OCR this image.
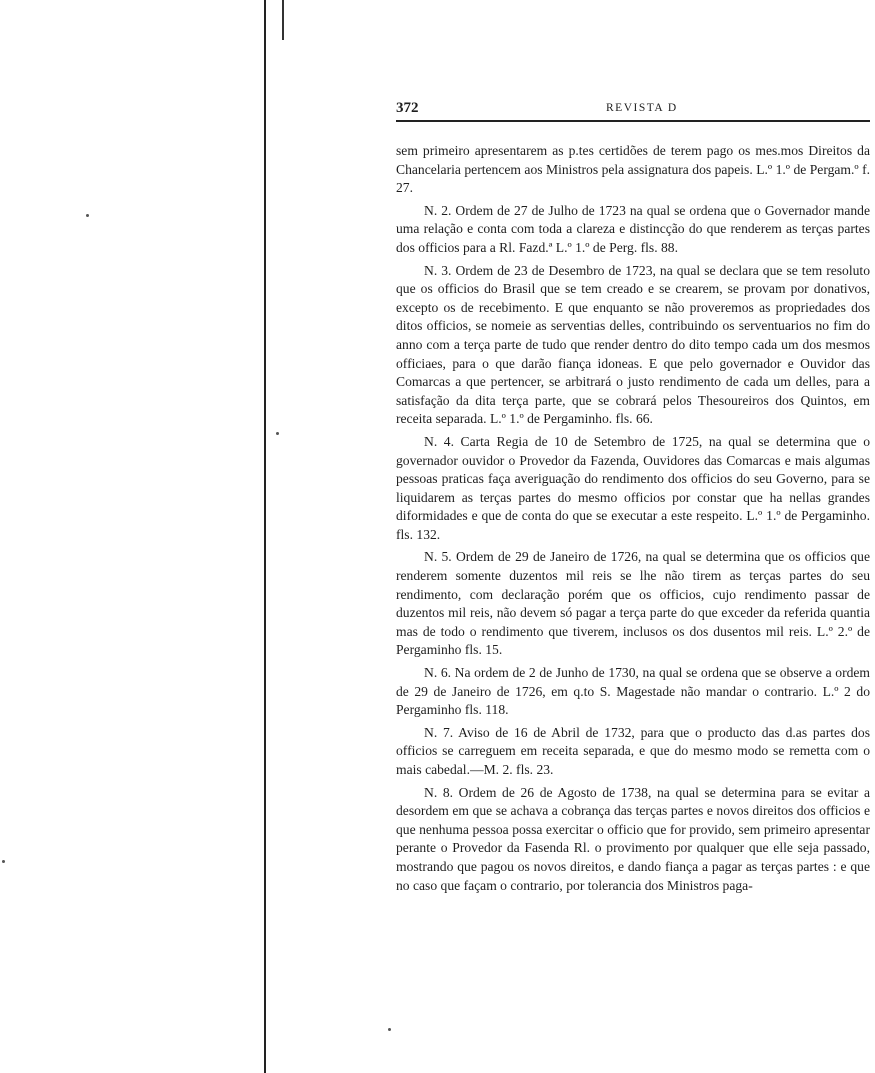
372	REVISTA D

sem primeiro apresentarem as p.tes certidões de terem pago os mes.mos Direitos da Chancelaria pertencem aos Ministros pela assignatura dos papeis. L.º 1.º de Pergam.º f. 27.

N. 2. Ordem de 27 de Julho de 1723 na qual se ordena que o Governador mande uma relação e conta com toda a clareza e distincção do que renderem as terças partes dos officios para a Rl. Fazd.ª L.º 1.º de Perg. fls. 88.

N. 3. Ordem de 23 de Desembro de 1723, na qual se declara que se tem resoluto que os officios do Brasil que se tem creado e se crearem, se provam por donativos, excepto os de recebimento. E que enquanto se não proveremos as propriedades dos ditos officios, se nomeie as serventias delles, contribuindo os serventuarios no fim do anno com a terça parte de tudo que render dentro do dito tempo cada um dos mesmos officiaes, para o que darão fiança idoneas. E que pelo governador e Ouvidor das Comarcas a que pertencer, se arbitrará o justo rendimento de cada um delles, para a satisfação da dita terça parte, que se cobrará pelos Thesoureiros dos Quintos, em receita separada. L.º 1.º de Pergaminho. fls. 66.

N. 4. Carta Regia de 10 de Setembro de 1725, na qual se determina que o governador ouvidor o Provedor da Fazenda, Ouvidores das Comarcas e mais algumas pessoas praticas faça averiguação do rendimento dos officios do seu Governo, para se liquidarem as terças partes do mesmo officios por constar que ha nellas grandes diformidades e que de conta do que se executar a este respeito. L.º 1.º de Pergaminho. fls. 132.

N. 5. Ordem de 29 de Janeiro de 1726, na qual se determina que os officios que renderem somente duzentos mil reis se lhe não tirem as terças partes do seu rendimento, com declaração porém que os officios, cujo rendimento passar de duzentos mil reis, não devem só pagar a terça parte do que exceder da referida quantia mas de todo o rendimento que tiverem, inclusos os dos dusentos mil reis. L.º 2.º de Pergaminho fls. 15.

N. 6. Na ordem de 2 de Junho de 1730, na qual se ordena que se observe a ordem de 29 de Janeiro de 1726, em q.to S. Magestade não mandar o contrario. L.º 2 do Pergaminho fls. 118.

N. 7. Aviso de 16 de Abril de 1732, para que o producto das d.as partes dos officios se carreguem em receita separada, e que do mesmo modo se remetta com o mais cabedal.—M. 2. fls. 23.

N. 8. Ordem de 26 de Agosto de 1738, na qual se determina para se evitar a desordem em que se achava a cobrança das terças partes e novos direitos dos officios e que nenhuma pessoa possa exercitar o officio que for provido, sem primeiro apresentar perante o Provedor da Fasenda Rl. o provimento por qualquer que elle seja passado, mostrando que pagou os novos direitos, e dando fiança a pagar as terças partes : e que no caso que façam o contrario, por tolerancia dos Ministros paga-
